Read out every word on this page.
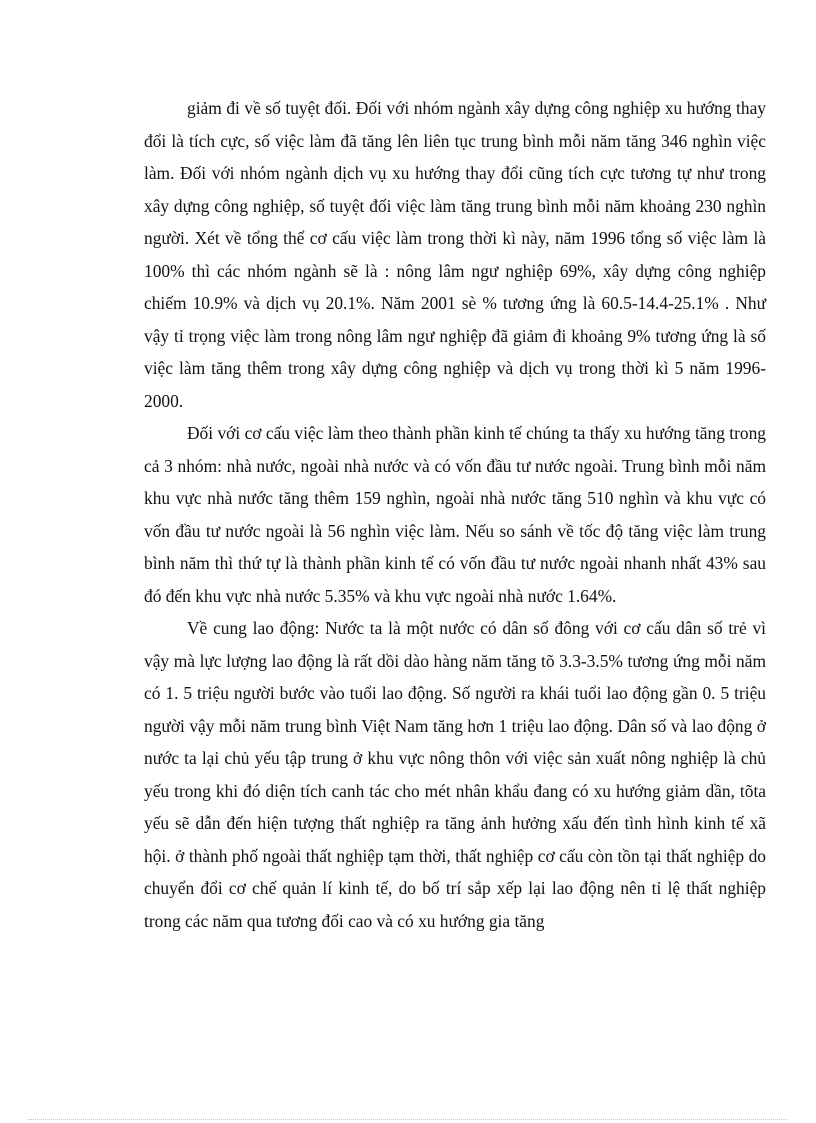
giảm đi về số tuyệt đối. Đối với nhóm ngành xây dựng công nghiệp xu hướng thay đổi là tích cực, số việc làm đã tăng lên liên tục trung bình mỗi năm tăng 346 nghìn việc làm. Đối với nhóm ngành dịch vụ xu hướng thay đổi cũng tích cực tương tự như trong xây dựng công nghiệp, số tuyệt đối việc làm tăng trung bình mỗi năm khoảng 230 nghìn người. Xét về tổng thể cơ cấu việc làm trong thời kì này, năm 1996 tổng số việc làm là 100% thì các nhóm ngành sẽ là : nông lâm ngư nghiệp 69%, xây dựng công nghiệp chiếm 10.9% và dịch vụ 20.1%. Năm 2001 sè % tương ứng là 60.5-14.4-25.1% . Như vậy tỉ trọng việc làm trong nông lâm ngư nghiệp đã giảm đi khoảng 9% tương ứng là số việc làm tăng thêm trong xây dựng công nghiệp và dịch vụ trong thời kì 5 năm 1996-2000.

Đối với cơ cấu việc làm theo thành phần kinh tế chúng ta thấy xu hướng tăng trong cả 3 nhóm: nhà nước, ngoài nhà nước và có vốn đầu tư nước ngoài. Trung bình mỗi năm khu vực nhà nước tăng thêm 159 nghìn, ngoài nhà nước tăng 510 nghìn và khu vực có vốn đầu tư nước ngoài là 56 nghìn việc làm. Nếu so sánh về tốc độ tăng việc làm trung bình năm thì thứ tự là thành phần kinh tế có vốn đầu tư nước ngoài nhanh nhất 43% sau đó đến khu vực nhà nước 5.35% và khu vực ngoài nhà nước 1.64%.

Về cung lao động: Nước ta là một nước có dân số đông với cơ cấu dân số trẻ vì vậy mà lực lượng lao động là rất dồi dào hàng năm tăng tõ 3.3-3.5% tương ứng mỗi năm có 1. 5 triệu người bước vào tuổi lao động. Số người ra khái tuổi lao động gần 0. 5 triệu người vậy mỗi năm trung bình Việt Nam tăng hơn 1 triệu lao động. Dân số và lao động ở nước ta lại chủ yếu tập trung ở khu vực nông thôn với việc sản xuất nông nghiệp là chủ yếu trong khi đó diện tích canh tác cho mét nhân khẩu đang có xu hướng giảm dần, tõta yếu sẽ dẫn đến hiện tượng thất nghiệp ra tăng ảnh hưởng xấu đến tình hình kinh tế xã hội. ở thành phố ngoài thất nghiệp tạm thời, thất nghiệp cơ cấu còn tồn tại thất nghiệp do chuyển đổi cơ chế quản lí kinh tế, do bố trí sắp xếp lại lao động nên tỉ lệ thất nghiệp trong các năm qua tương đối cao và có xu hướng gia tăng
